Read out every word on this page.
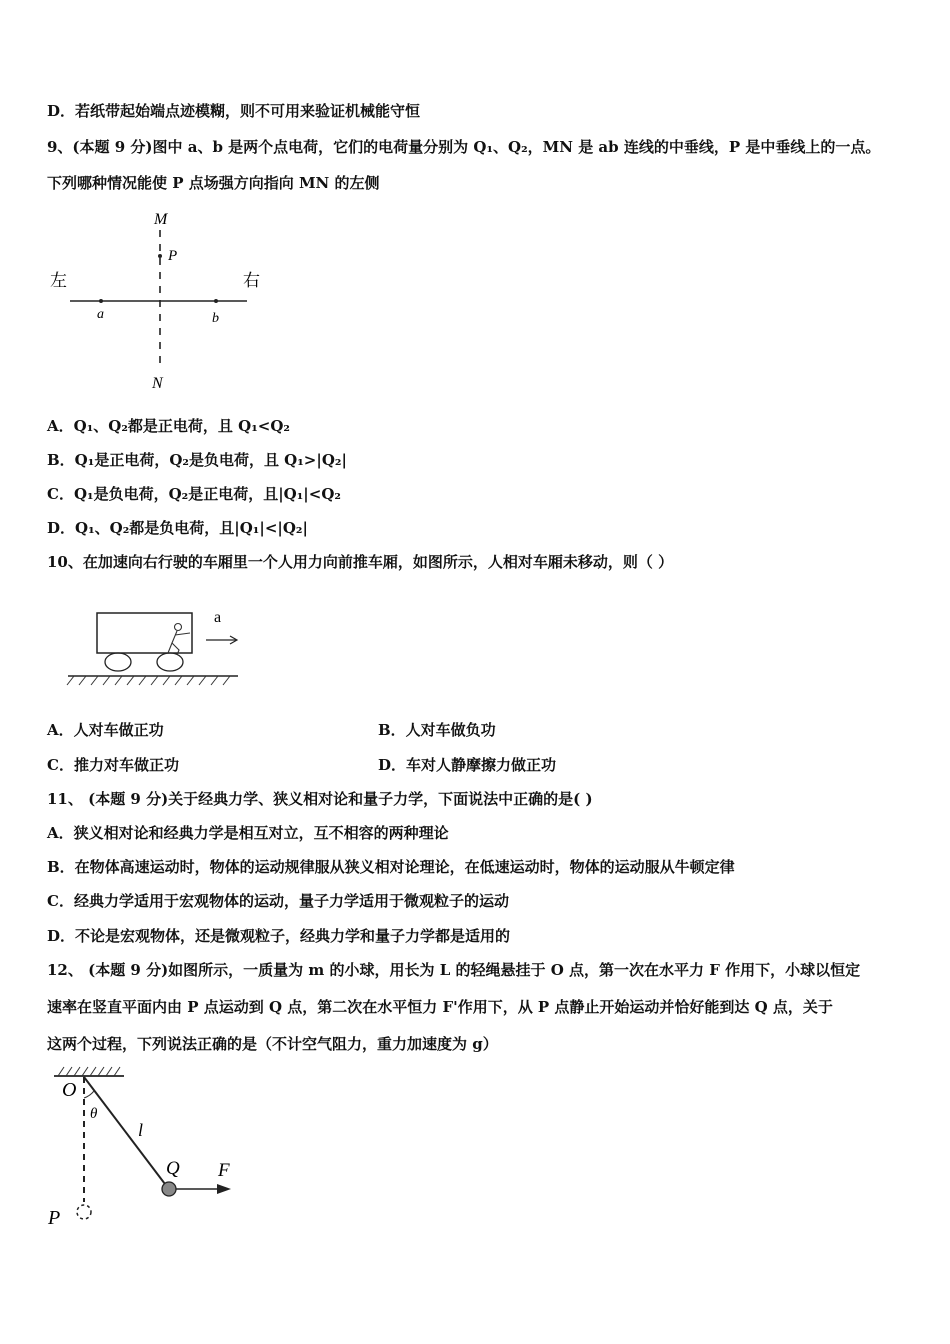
D．若纸带起始端点迹模糊，则不可用来验证机械能守恒
9、(本题 9 分)图中 a、b 是两个点电荷，它们的电荷量分别为 Q₁、Q₂，MN 是 ab 连线的中垂线，P 是中垂线上的一点。
下列哪种情况能使 P 点场强方向指向 MN 的左侧
M
P
N
左	右
a	b
A．Q₁、Q₂都是正电荷，且 Q₁<Q₂
B．Q₁是正电荷，Q₂是负电荷，且 Q₁>|Q₂|
C．Q₁是负电荷，Q₂是正电荷，且|Q₁|<Q₂
D．Q₁、Q₂都是负电荷，且|Q₁|<|Q₂|
10、在加速向右行驶的车厢里一个人用力向前推车厢，如图所示，人相对车厢未移动，则（ ）
a
A．人对车做正功	B．人对车做负功
C．推力对车做正功	D．车对人静摩擦力做正功
11、 (本题 9 分)关于经典力学、狭义相对论和量子力学，下面说法中正确的是( )
A．狭义相对论和经典力学是相互对立，互不相容的两种理论
B．在物体高速运动时，物体的运动规律服从狭义相对论理论，在低速运动时，物体的运动服从牛顿定律
C．经典力学适用于宏观物体的运动，量子力学适用于微观粒子的运动
D．不论是宏观物体，还是微观粒子，经典力学和量子力学都是适用的
12、 (本题 9 分)如图所示，一质量为 m 的小球，用长为 L 的轻绳悬挂于 O 点，第一次在水平力 F 作用下，小球以恒定
速率在竖直平面内由 P 点运动到 Q 点，第二次在水平恒力 F'作用下，从 P 点静止开始运动并恰好能到达 Q 点，关于
这两个过程，下列说法正确的是（不计空气阻力，重力加速度为 g）
O
θ
l
Q F
P
